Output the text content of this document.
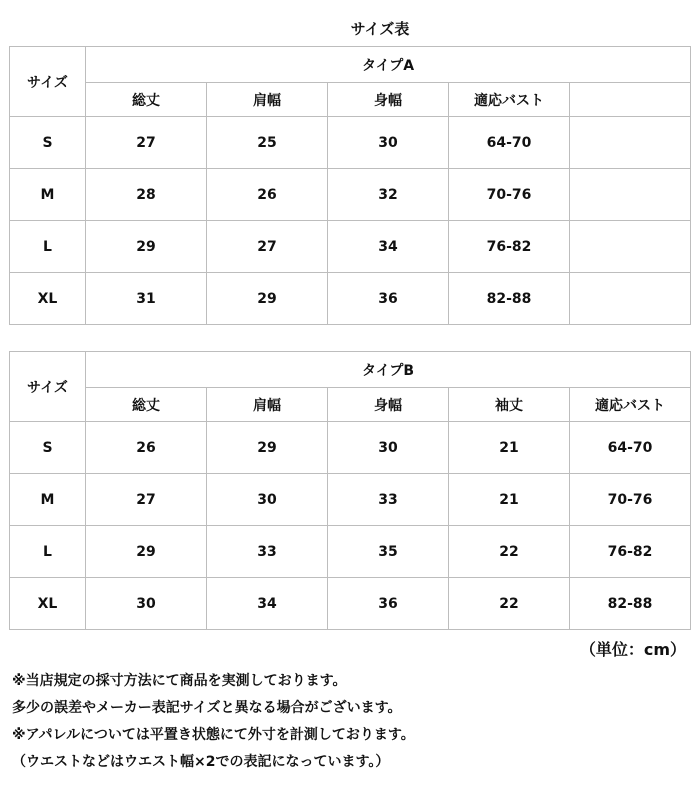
サイズ表
サイズ	タイプA				
	総丈	肩幅	身幅	適応バスト	
S	27	25	30	64-70	
M	28	26	32	70-76	
L	29	27	34	76-82	
XL	31	29	36	82-88	
サイズ	タイプB				
	総丈	肩幅	身幅	袖丈	適応バスト
S	26	29	30	21	64-70
M	27	30	33	21	70-76
L	29	33	35	22	76-82
XL	30	34	36	22	82-88
（単位：cm）
※当店規定の採寸方法にて商品を実測しております。
多少の誤差やメーカー表記サイズと異なる場合がございます。
※アパレルについては平置き状態にて外寸を計測しております。
（ウエストなどはウエスト幅×2での表記になっています。）
